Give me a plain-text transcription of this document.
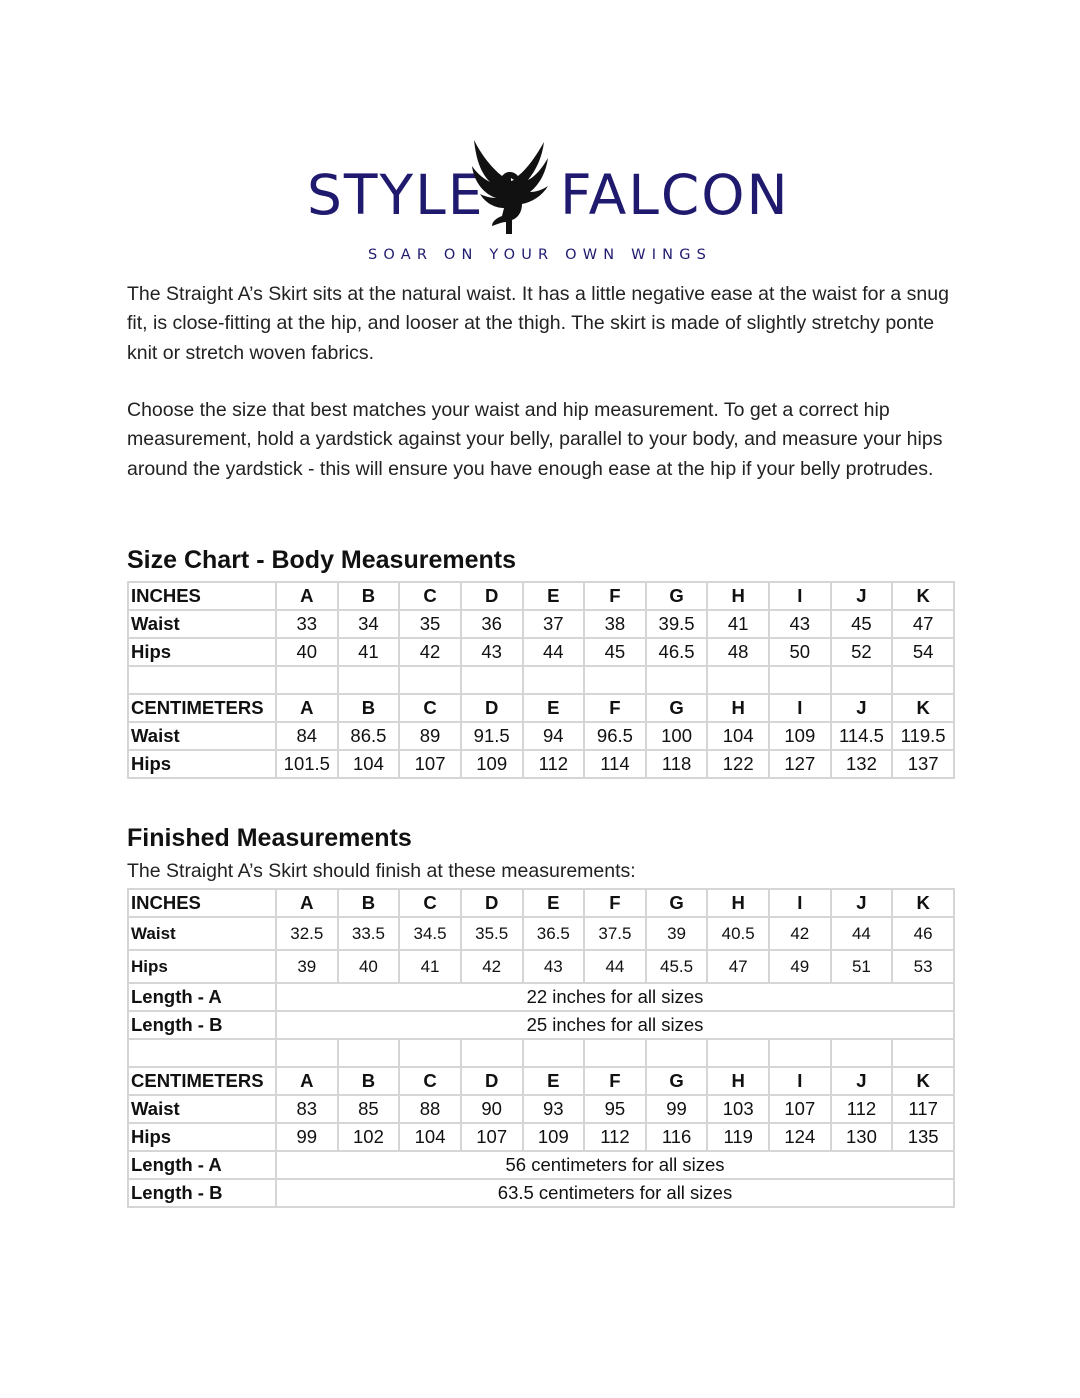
STYLE FALCON
SOAR ON YOUR OWN WINGS

The Straight A’s Skirt sits at the natural waist. It has a little negative ease at the waist for a snug fit, is close-fitting at the hip, and looser at the thigh. The skirt is made of slightly stretchy ponte knit or stretch woven fabrics.

Choose the size that best matches your waist and hip measurement. To get a correct hip measurement, hold a yardstick against your belly, parallel to your body, and measure your hips around the yardstick - this will ensure you have enough ease at the hip if your belly protrudes.

Size Chart - Body Measurements
INCHES	A	B	C	D	E	F	G	H	I	J	K
Waist	33	34	35	36	37	38	39.5	41	43	45	47
Hips	40	41	42	43	44	45	46.5	48	50	52	54

CENTIMETERS	A	B	C	D	E	F	G	H	I	J	K
Waist	84	86.5	89	91.5	94	96.5	100	104	109	114.5	119.5
Hips	101.5	104	107	109	112	114	118	122	127	132	137
Finished Measurements

The Straight A’s Skirt should finish at these measurements:

INCHES	A	B	C	D	E	F	G	H	I	J	K
Waist	32.5	33.5	34.5	35.5	36.5	37.5	39	40.5	42	44	46
Hips	39	40	41	42	43	44	45.5	47	49	51	53
Length - A	22 inches for all sizes										
Length - B	25 inches for all sizes										

CENTIMETERS	A	B	C	D	E	F	G	H	I	J	K
Waist	83	85	88	90	93	95	99	103	107	112	117
Hips	99	102	104	107	109	112	116	119	124	130	135
Length - A	56 centimeters for all sizes										
Length - B	63.5 centimeters for all sizes										
